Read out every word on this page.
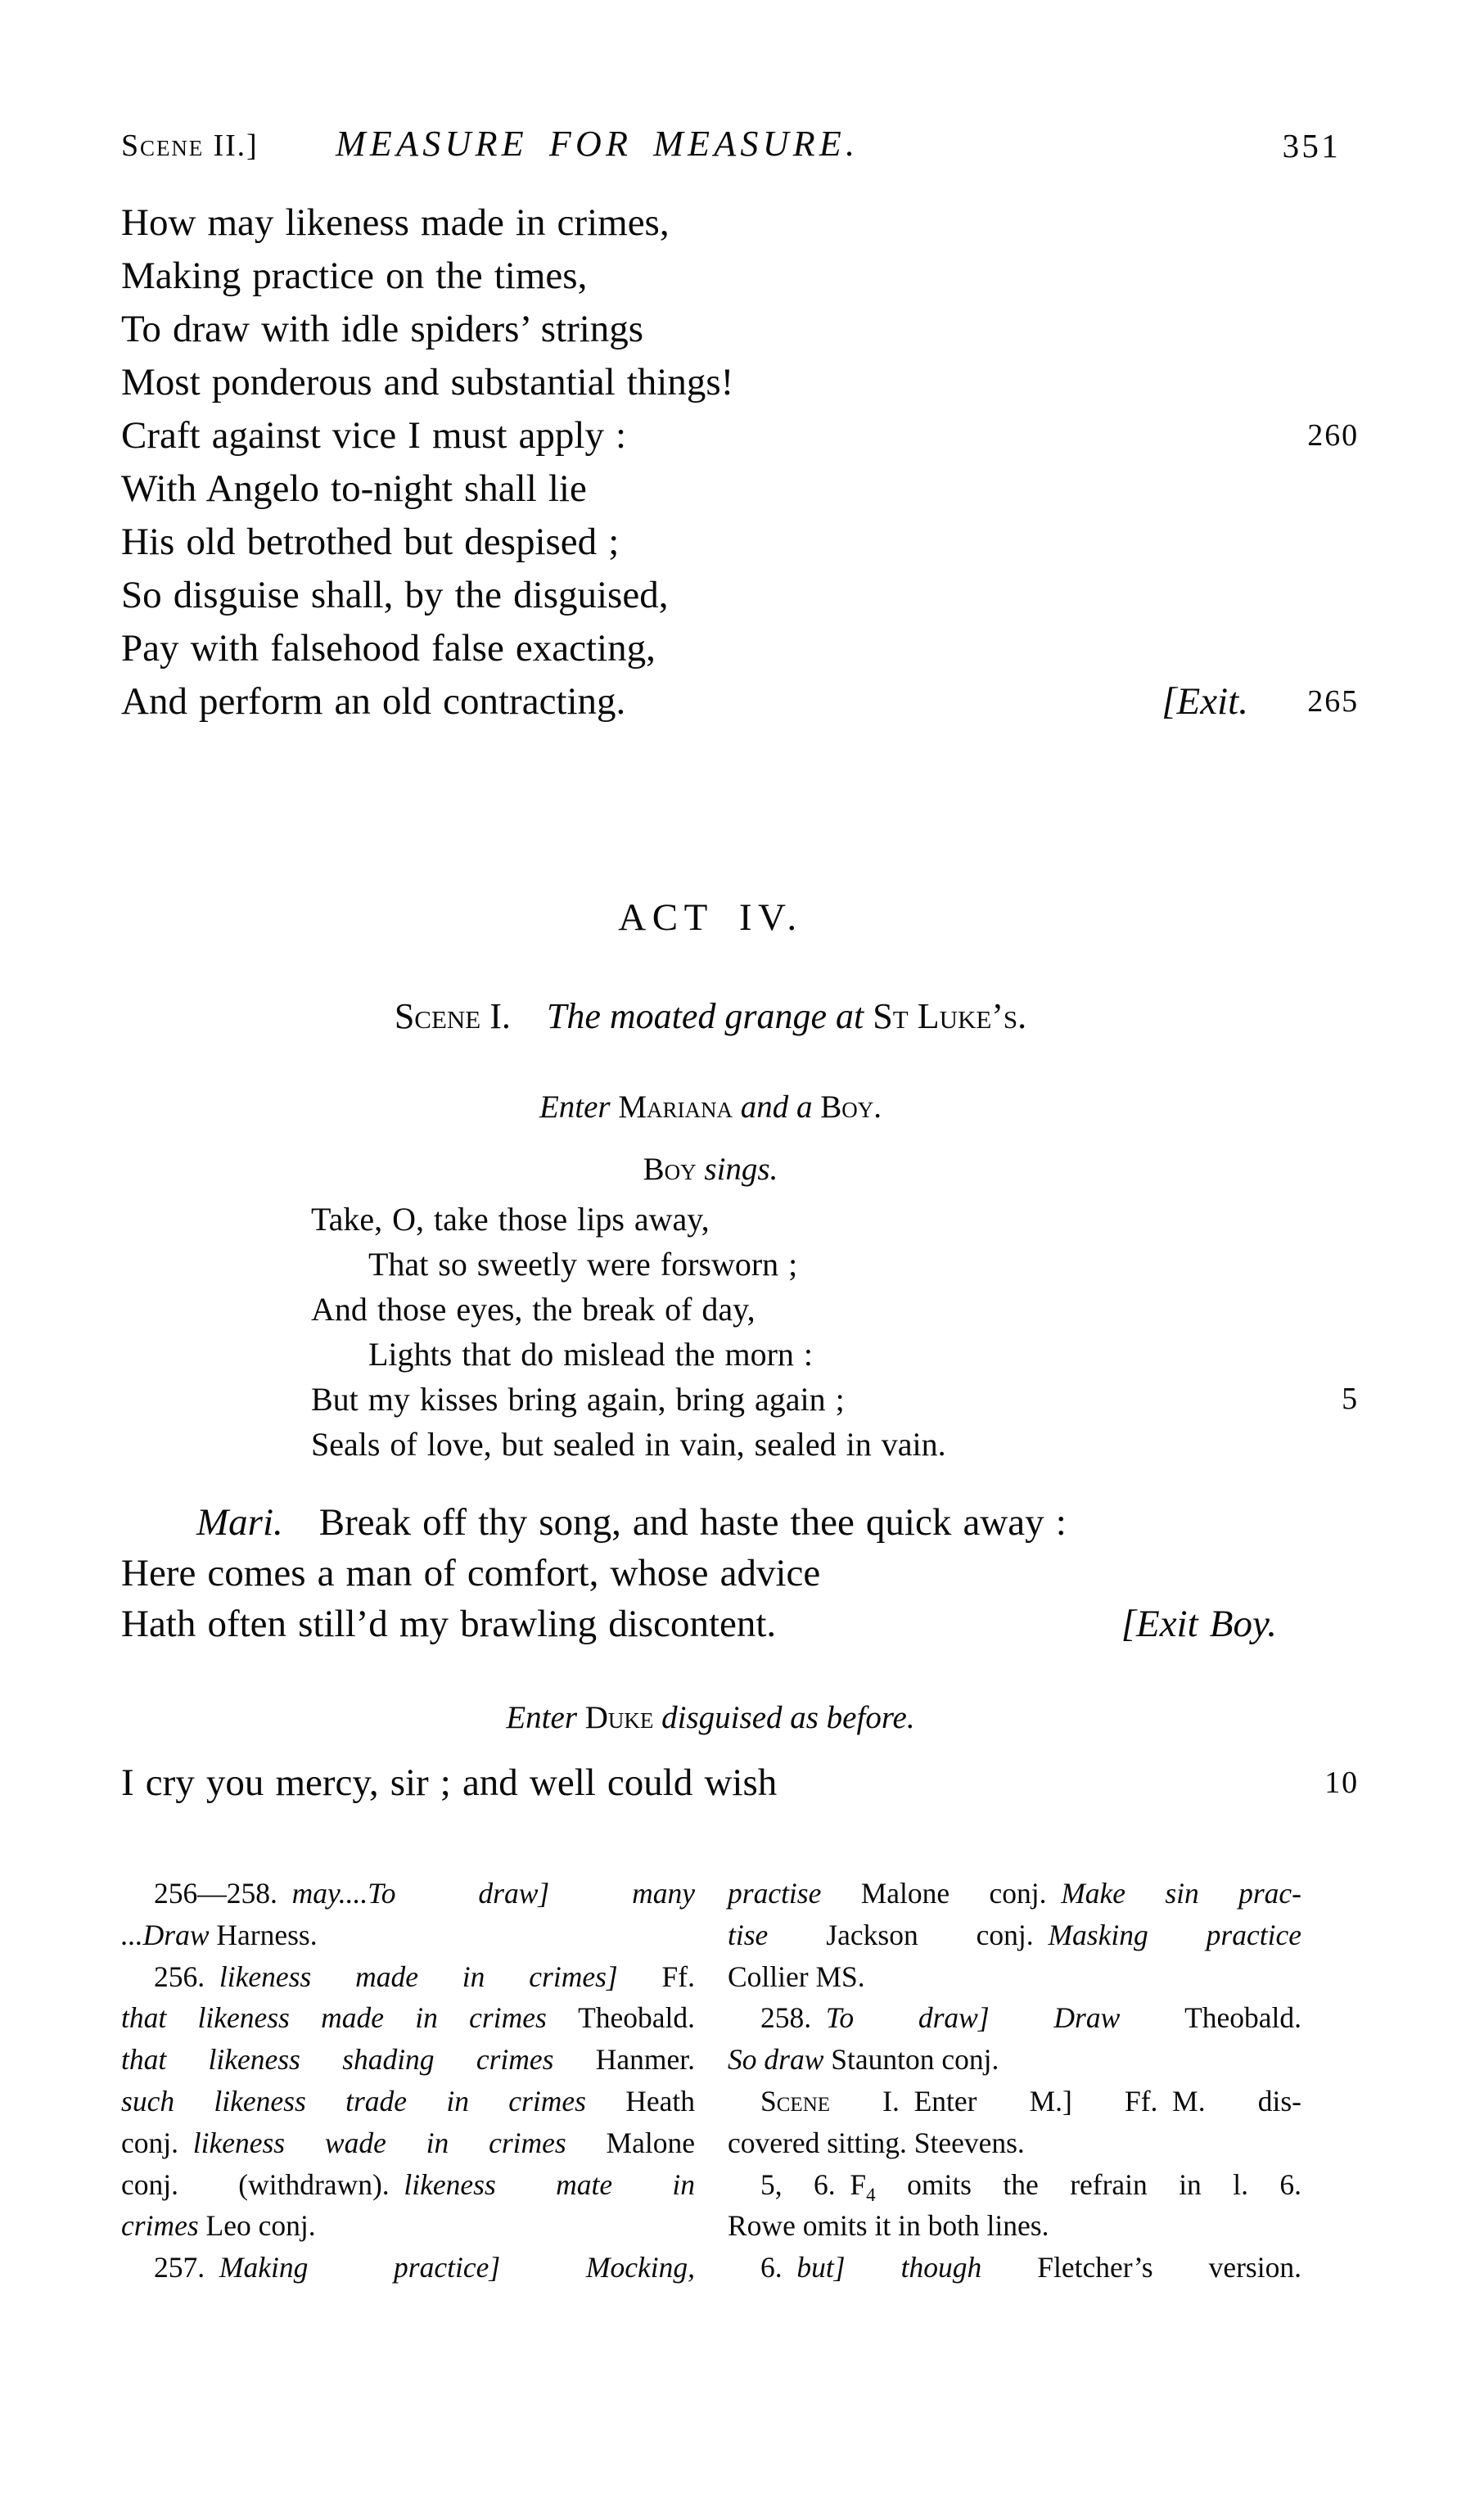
Scene II.] MEASURE FOR MEASURE.	351
How may likeness made in crimes,
Making practice on the times,
To draw with idle spiders’ strings
Most ponderous and substantial things!
Craft against vice I must apply :	260
With Angelo to-night shall lie
His old betrothed but despised ;
So disguise shall, by the disguised,
Pay with falsehood false exacting,
And perform an old contracting.	[Exit. 265
ACT IV.
Scene I.   The moated grange at St Luke’s.
Enter Mariana and a Boy.
Boy sings.
Take, O, take those lips away,
That so sweetly were forsworn ;
And those eyes, the break of day,
Lights that do mislead the morn :
But my kisses bring again, bring again ;	5
Seals of love, but sealed in vain, sealed in vain.
Mari. Break off thy song, and haste thee quick away :
Here comes a man of comfort, whose advice
Hath often still’d my brawling discontent.	[Exit Boy.
Enter Duke disguised as before.
I cry you mercy, sir ; and well could wish	10
256—258. may....To draw] many
...Draw Harness.
256. likeness made in crimes] Ff.
that likeness made in crimes Theobald.
that likeness shading crimes Hanmer.
such likeness trade in crimes Heath
conj. likeness wade in crimes Malone
conj. (withdrawn). likeness mate in
crimes Leo conj.
257. Making practice] Mocking,
practise Malone conj. Make sin prac-
tise Jackson conj. Masking practice
Collier MS.
258. To draw] Draw Theobald.
So draw Staunton conj.
Scene I. Enter M.] Ff. M. dis-
covered sitting. Steevens.
5, 6. $F_4$ omits the refrain in l. 6.
Rowe omits it in both lines.
6. but] though Fletcher’s version.
